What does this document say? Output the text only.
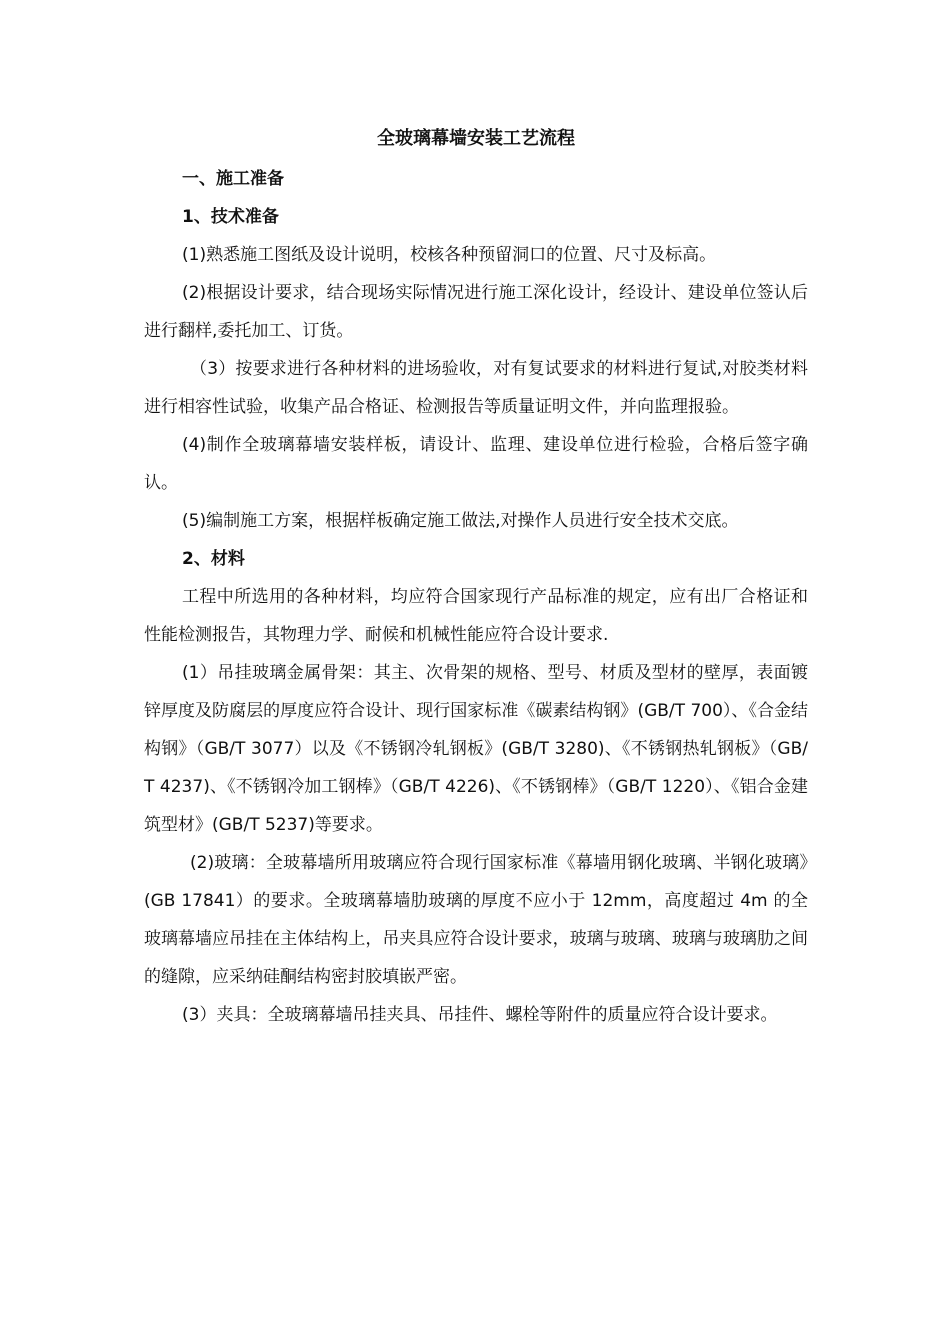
全玻璃幕墙安装工艺流程
一、施工准备
1、技术准备

(1)熟悉施工图纸及设计说明，校核各种预留洞口的位置、尺寸及标高。

(2)根据设计要求，结合现场实际情况进行施工深化设计，经设计、建设单位签认后进行翻样,委托加工、订货。

（3）按要求进行各种材料的进场验收，对有复试要求的材料进行复试,对胶类材料进行相容性试验，收集产品合格证、检测报告等质量证明文件，并向监理报验。

(4)制作全玻璃幕墙安装样板，请设计、监理、建设单位进行检验，合格后签字确认。

(5)编制施工方案，根据样板确定施工做法,对操作人员进行安全技术交底。

2、材料

工程中所选用的各种材料，均应符合国家现行产品标准的规定，应有出厂合格证和性能检测报告，其物理力学、耐候和机械性能应符合设计要求.

(1）吊挂玻璃金属骨架：其主、次骨架的规格、型号、材质及型材的壁厚，表面镀锌厚度及防腐层的厚度应符合设计、现行国家标准《碳素结构钢》(GB/T 700）、《合金结构钢》（GB/T 3077）以及《不锈钢冷轧钢板》(GB/T 3280)、《不锈钢热轧钢板》（GB/T 4237)、《不锈钢冷加工钢棒》（GB/T 4226)、《不锈钢棒》（GB/T 1220）、《铝合金建筑型材》(GB/T 5237)等要求。

(2)玻璃：全玻幕墙所用玻璃应符合现行国家标准《幕墙用钢化玻璃、半钢化玻璃》(GB 17841）的要求。全玻璃幕墙肋玻璃的厚度不应小于 12mm，高度超过 4m 的全玻璃幕墙应吊挂在主体结构上，吊夹具应符合设计要求，玻璃与玻璃、玻璃与玻璃肋之间的缝隙，应采纳硅酮结构密封胶填嵌严密。

(3）夹具：全玻璃幕墙吊挂夹具、吊挂件、螺栓等附件的质量应符合设计要求。
